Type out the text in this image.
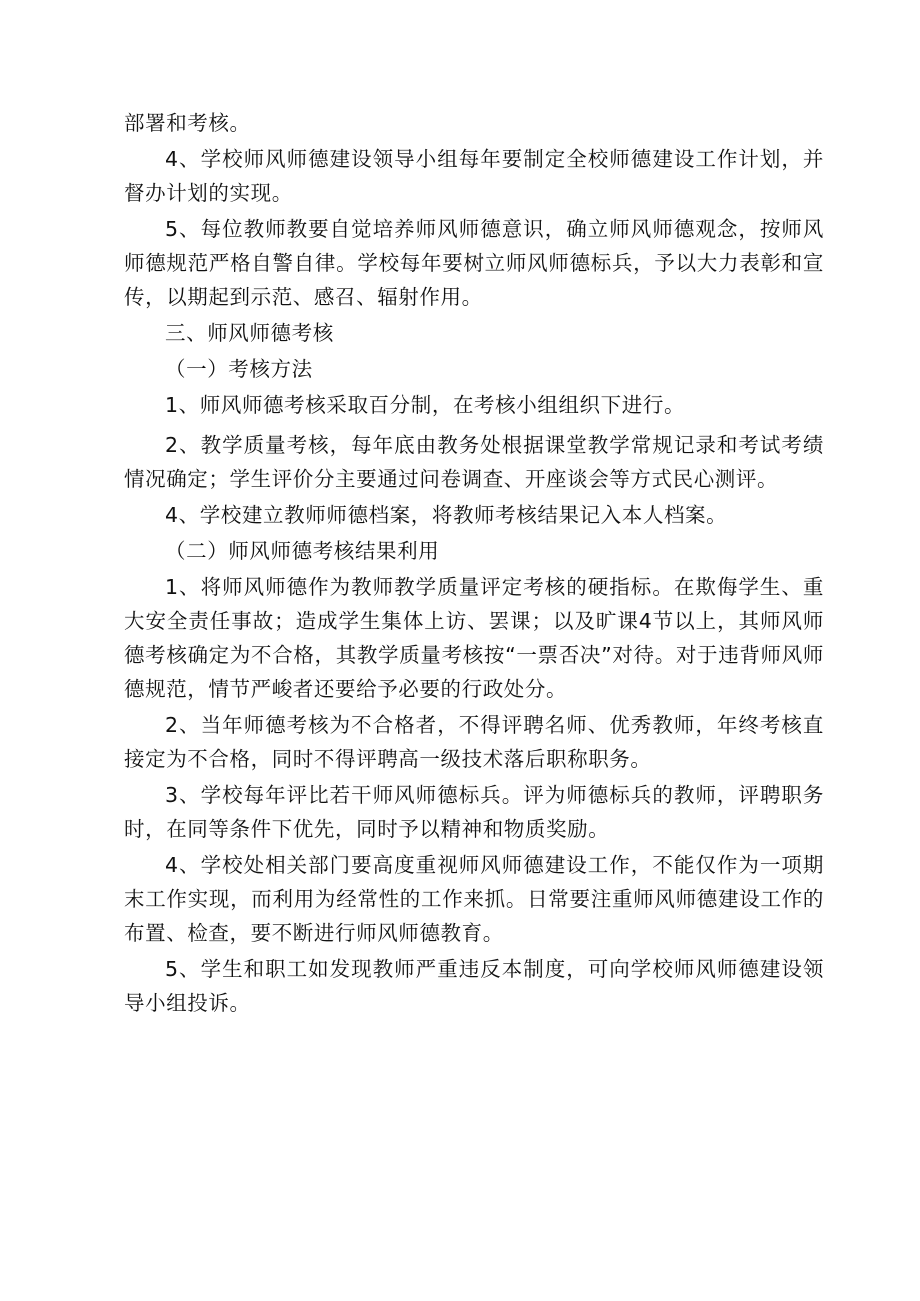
部署和考核。

4、学校师风师德建设领导小组每年要制定全校师德建设工作计划，并督办计划的实现。

5、每位教师教要自觉培养师风师德意识，确立师风师德观念，按师风师德规范严格自警自律。学校每年要树立师风师德标兵，予以大力表彰和宣传，以期起到示范、感召、辐射作用。

三、师风师德考核

（一）考核方法

1、师风师德考核采取百分制，在考核小组组织下进行。

2、教学质量考核，每年底由教务处根据课堂教学常规记录和考试考绩情况确定；学生评价分主要通过问卷调查、开座谈会等方式民心测评。

4、学校建立教师师德档案，将教师考核结果记入本人档案。

（二）师风师德考核结果利用

1、将师风师德作为教师教学质量评定考核的硬指标。在欺侮学生、重大安全责任事故；造成学生集体上访、罢课；以及旷课4节以上，其师风师德考核确定为不合格，其教学质量考核按“一票否决”对待。对于违背师风师德规范，情节严峻者还要给予必要的行政处分。

2、当年师德考核为不合格者，不得评聘名师、优秀教师，年终考核直接定为不合格，同时不得评聘高一级技术落后职称职务。

3、学校每年评比若干师风师德标兵。评为师德标兵的教师，评聘职务时，在同等条件下优先，同时予以精神和物质奖励。

4、学校处相关部门要高度重视师风师德建设工作，不能仅作为一项期末工作实现，而利用为经常性的工作来抓。日常要注重师风师德建设工作的布置、检查，要不断进行师风师德教育。

5、学生和职工如发现教师严重违反本制度，可向学校师风师德建设领导小组投诉。
